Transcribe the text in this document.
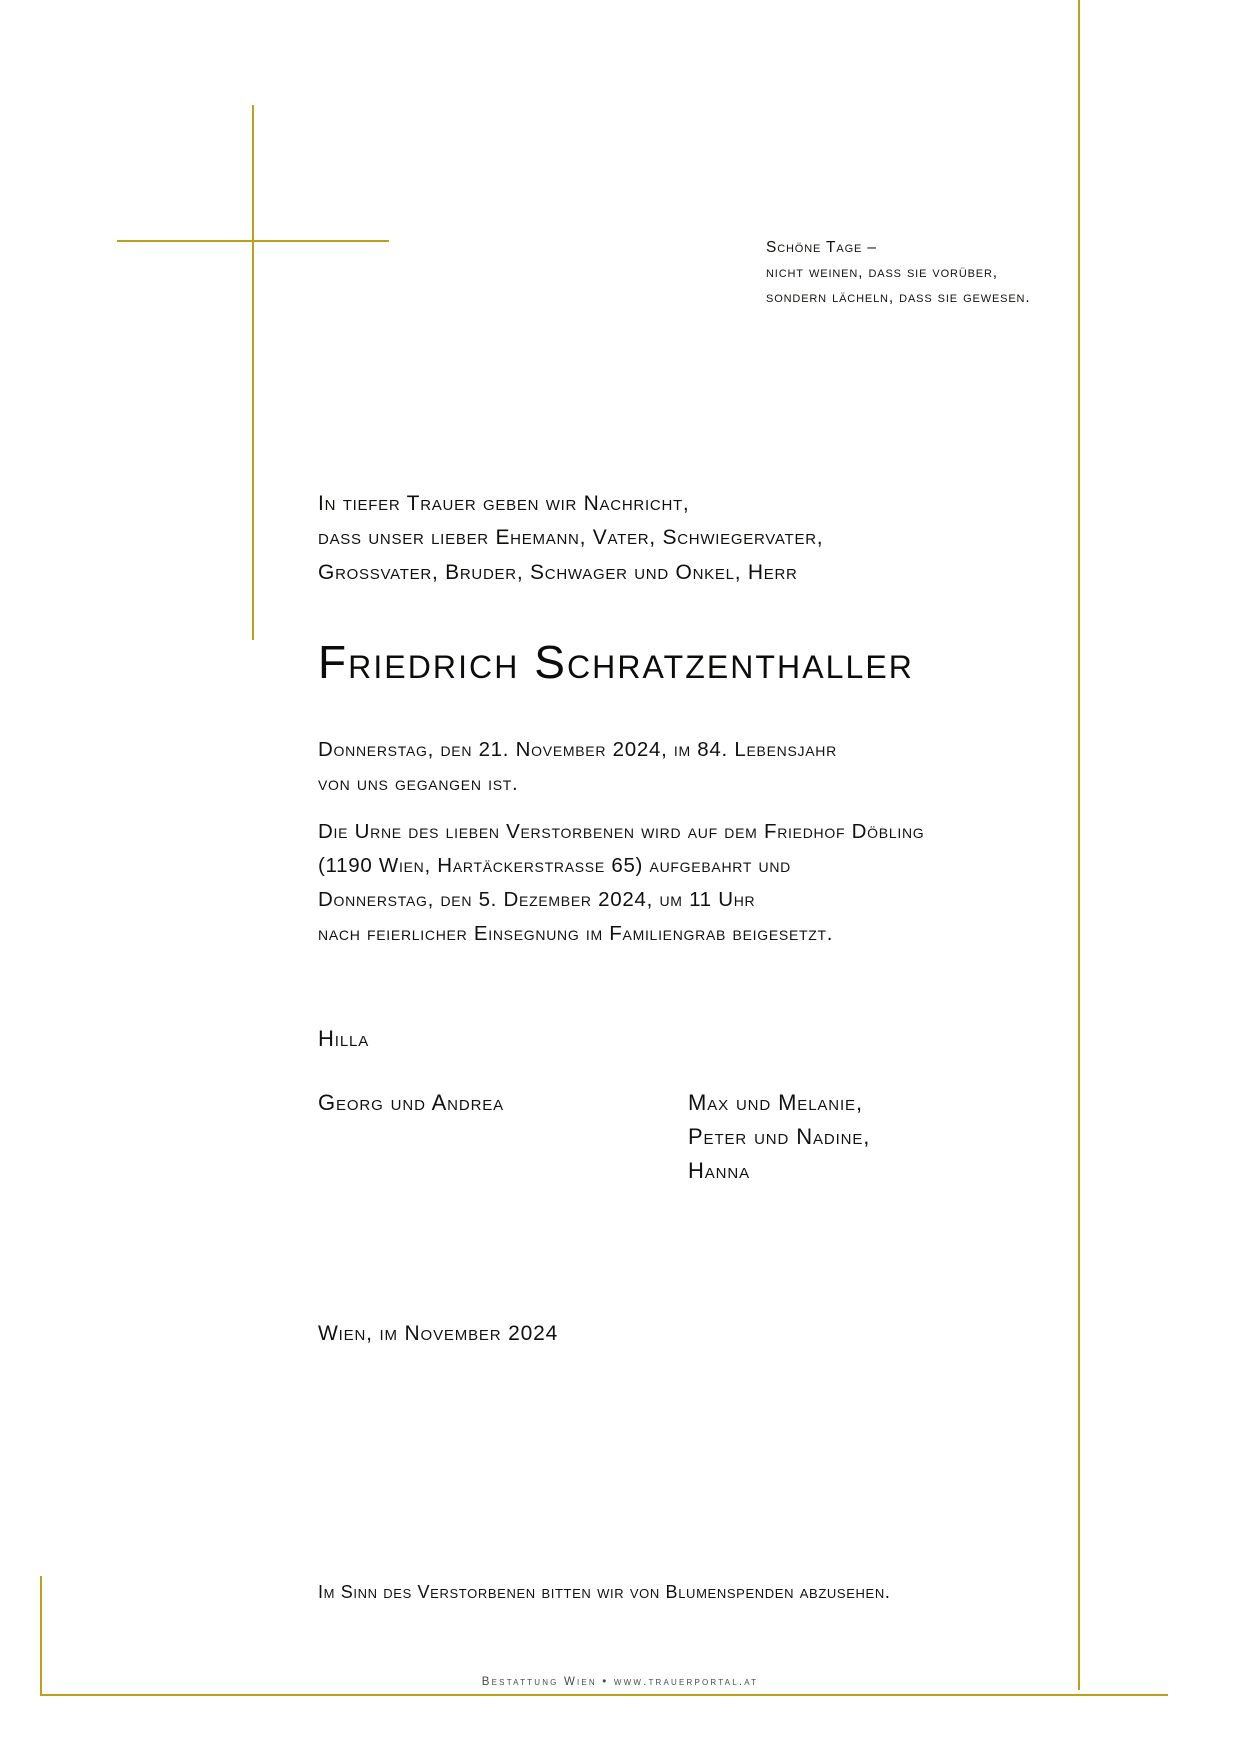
Schöne Tage –
nicht weinen, dass sie vorüber,
sondern lächeln, dass sie gewesen.
In tiefer Trauer geben wir Nachricht,
dass unser lieber Ehemann, Vater, Schwiegervater,
Grossvater, Bruder, Schwager und Onkel, Herr
Friedrich Schratzenthaller
Donnerstag, den 21. November 2024, im 84. Lebensjahr
von uns gegangen ist.
Die Urne des lieben Verstorbenen wird auf dem Friedhof Döbling
(1190 Wien, Hartäckerstrasse 65) aufgebahrt und
Donnerstag, den 5. Dezember 2024, um 11 Uhr
nach feierlicher Einsegnung im Familiengrab beigesetzt.
Hilla
Georg und Andrea	Max und Melanie,
Peter und Nadine,
Hanna
Wien, im November 2024
Im Sinn des Verstorbenen bitten wir von Blumenspenden abzusehen.
Bestattung Wien • www.trauerportal.at
